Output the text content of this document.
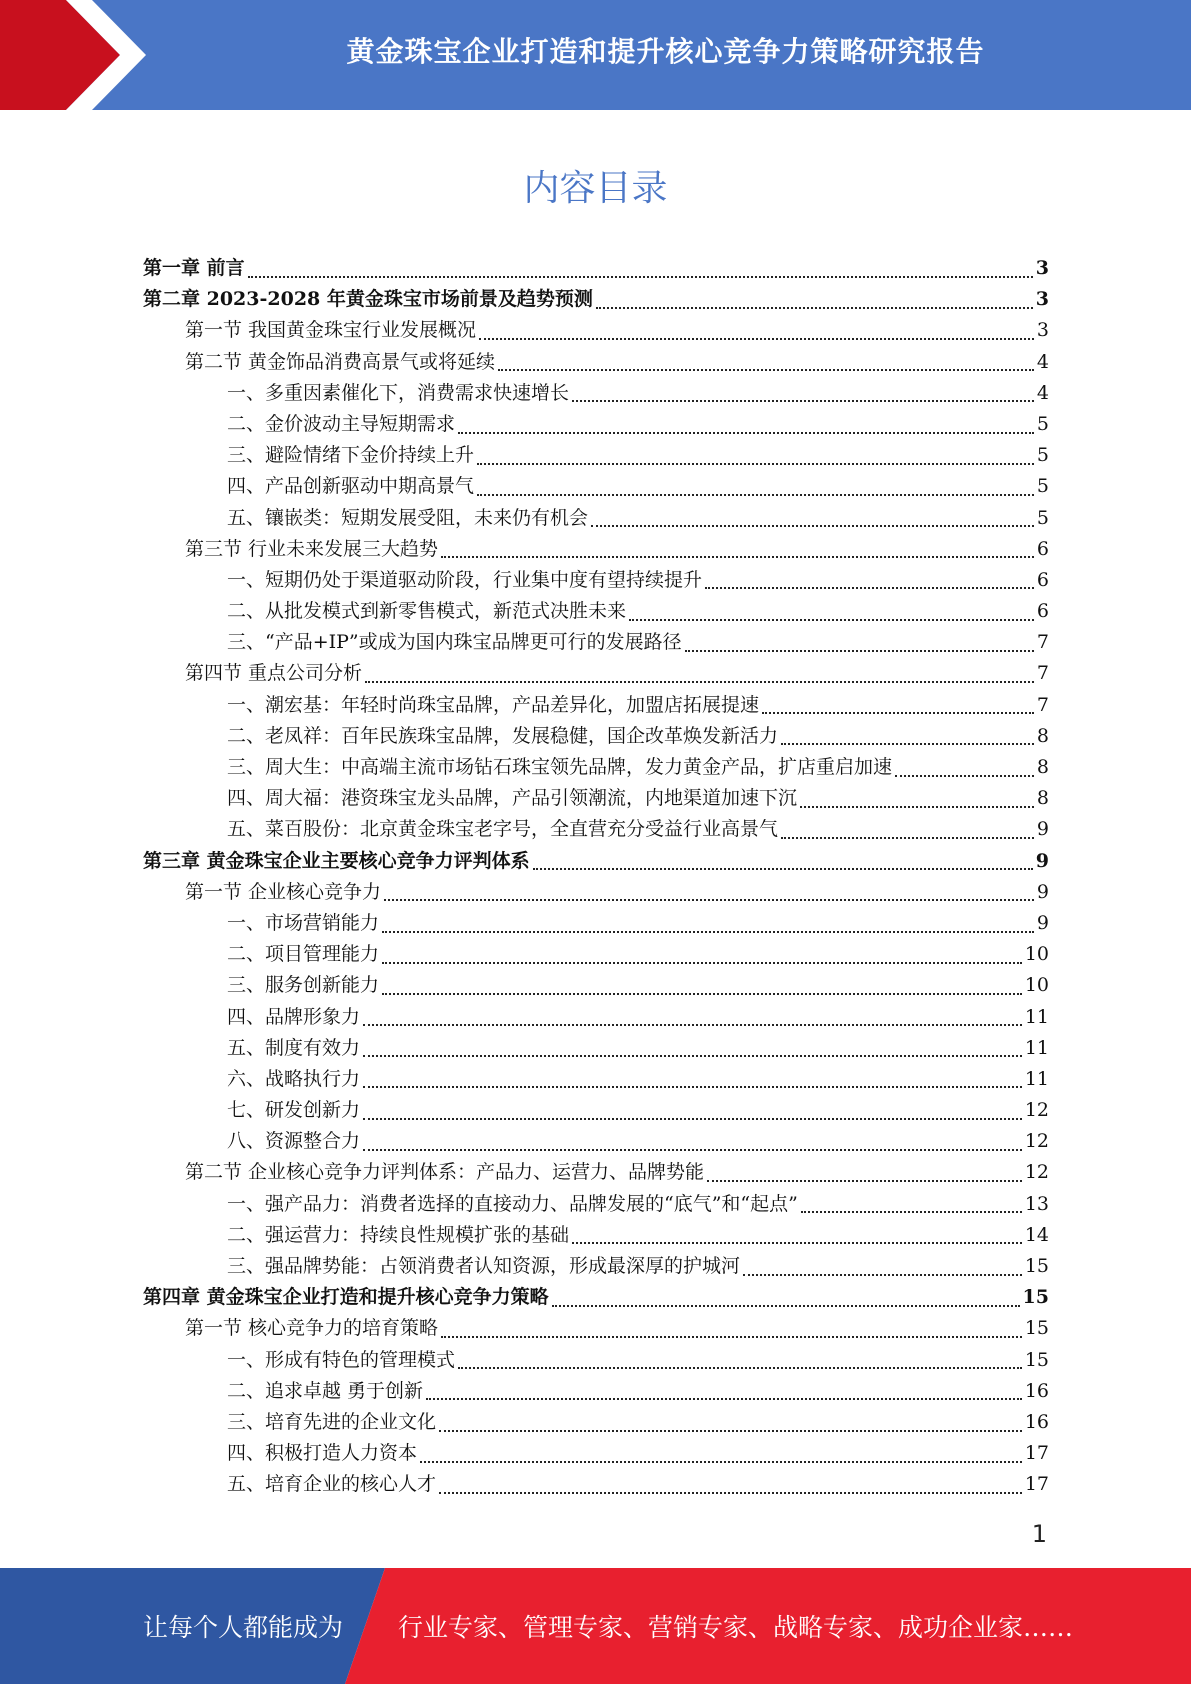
黄金珠宝企业打造和提升核心竞争力策略研究报告
内容目录
第一章 前言	3
第二章 2023-2028 年黄金珠宝市场前景及趋势预测	3
第一节 我国黄金珠宝行业发展概况	3
第二节 黄金饰品消费高景气或将延续	4
一、多重因素催化下，消费需求快速增长	4
二、金价波动主导短期需求	5
三、避险情绪下金价持续上升	5
四、产品创新驱动中期高景气	5
五、镶嵌类：短期发展受阻，未来仍有机会	5
第三节 行业未来发展三大趋势	6
一、短期仍处于渠道驱动阶段，行业集中度有望持续提升	6
二、从批发模式到新零售模式，新范式决胜未来	6
三、“产品+IP”或成为国内珠宝品牌更可行的发展路径	7
第四节 重点公司分析	7
一、潮宏基：年轻时尚珠宝品牌，产品差异化，加盟店拓展提速	7
二、老凤祥：百年民族珠宝品牌，发展稳健，国企改革焕发新活力	8
三、周大生：中高端主流市场钻石珠宝领先品牌，发力黄金产品，扩店重启加速	8
四、周大福：港资珠宝龙头品牌，产品引领潮流，内地渠道加速下沉	8
五、菜百股份：北京黄金珠宝老字号，全直营充分受益行业高景气	9
第三章 黄金珠宝企业主要核心竞争力评判体系	9
第一节 企业核心竞争力	9
一、市场营销能力	9
二、项目管理能力	10
三、服务创新能力	10
四、品牌形象力	11
五、制度有效力	11
六、战略执行力	11
七、研发创新力	12
八、资源整合力	12
第二节 企业核心竞争力评判体系：产品力、运营力、品牌势能	12
一、强产品力：消费者选择的直接动力、品牌发展的“底气”和“起点”	13
二、强运营力：持续良性规模扩张的基础	14
三、强品牌势能：占领消费者认知资源，形成最深厚的护城河	15
第四章 黄金珠宝企业打造和提升核心竞争力策略	15
第一节 核心竞争力的培育策略	15
一、形成有特色的管理模式	15
二、追求卓越 勇于创新	16
三、培育先进的企业文化	16
四、积极打造人力资本	17
五、培育企业的核心人才	17
1
让每个人都能成为 行业专家、管理专家、营销专家、战略专家、成功企业家……
